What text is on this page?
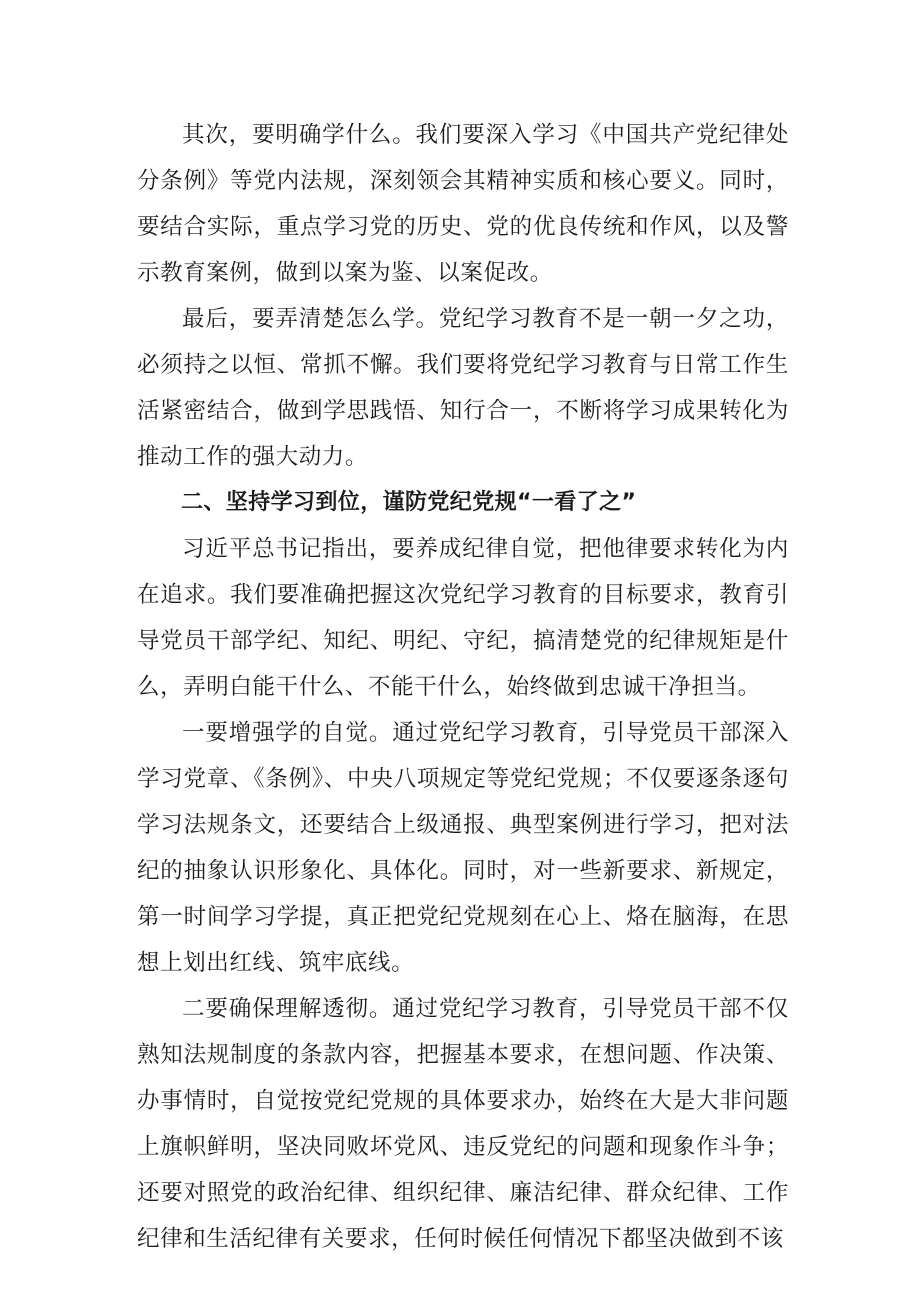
其次，要明确学什么。我们要深入学习《中国共产党纪律处分条例》等党内法规，深刻领会其精神实质和核心要义。同时，要结合实际，重点学习党的历史、党的优良传统和作风，以及警示教育案例，做到以案为鉴、以案促改。

最后，要弄清楚怎么学。党纪学习教育不是一朝一夕之功，必须持之以恒、常抓不懈。我们要将党纪学习教育与日常工作生活紧密结合，做到学思践悟、知行合一，不断将学习成果转化为推动工作的强大动力。

二、坚持学习到位，谨防党纪党规“一看了之”

习近平总书记指出，要养成纪律自觉，把他律要求转化为内在追求。我们要准确把握这次党纪学习教育的目标要求，教育引导党员干部学纪、知纪、明纪、守纪，搞清楚党的纪律规矩是什么，弄明白能干什么、不能干什么，始终做到忠诚干净担当。

一要增强学的自觉。通过党纪学习教育，引导党员干部深入学习党章、《条例》、中央八项规定等党纪党规；不仅要逐条逐句学习法规条文，还要结合上级通报、典型案例进行学习，把对法纪的抽象认识形象化、具体化。同时，对一些新要求、新规定，第一时间学习学提，真正把党纪党规刻在心上、烙在脑海，在思想上划出红线、筑牢底线。

二要确保理解透彻。通过党纪学习教育，引导党员干部不仅熟知法规制度的条款内容，把握基本要求，在想问题、作决策、办事情时，自觉按党纪党规的具体要求办，始终在大是大非问题上旗帜鲜明，坚决同败坏党风、违反党纪的问题和现象作斗争；还要对照党的政治纪律、组织纪律、廉洁纪律、群众纪律、工作纪律和生活纪律有关要求，任何时候任何情况下都坚决做到不该
